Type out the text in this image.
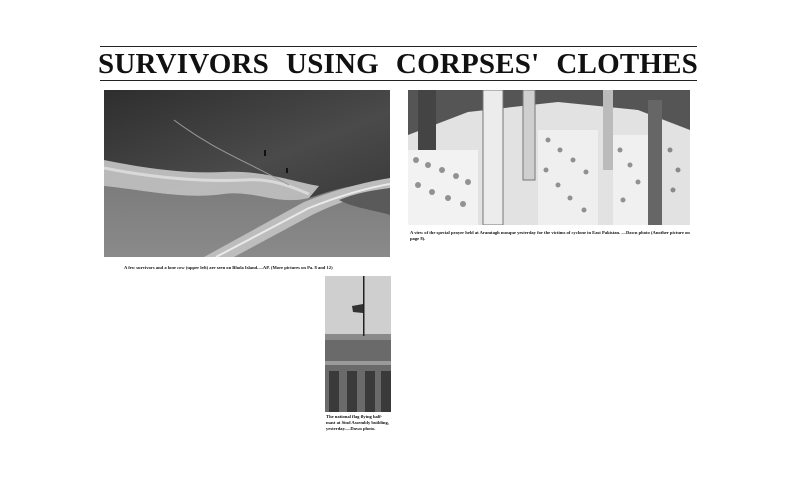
SURVIVORS USING CORPSES' CLOTHES
A few survivors and a lone cow (upper left) are seen on Bhola Island.—AP. (More pictures on Pa. 8 and 12)
A view of the special prayer held at Aramtagh mosque yesterday for the victims of cyclone in East Pakistan. —Dawn photo (Another picture on page 8).
The national flag flying half-mast at Sind Assembly building, yesterday.—Dawn photo.
